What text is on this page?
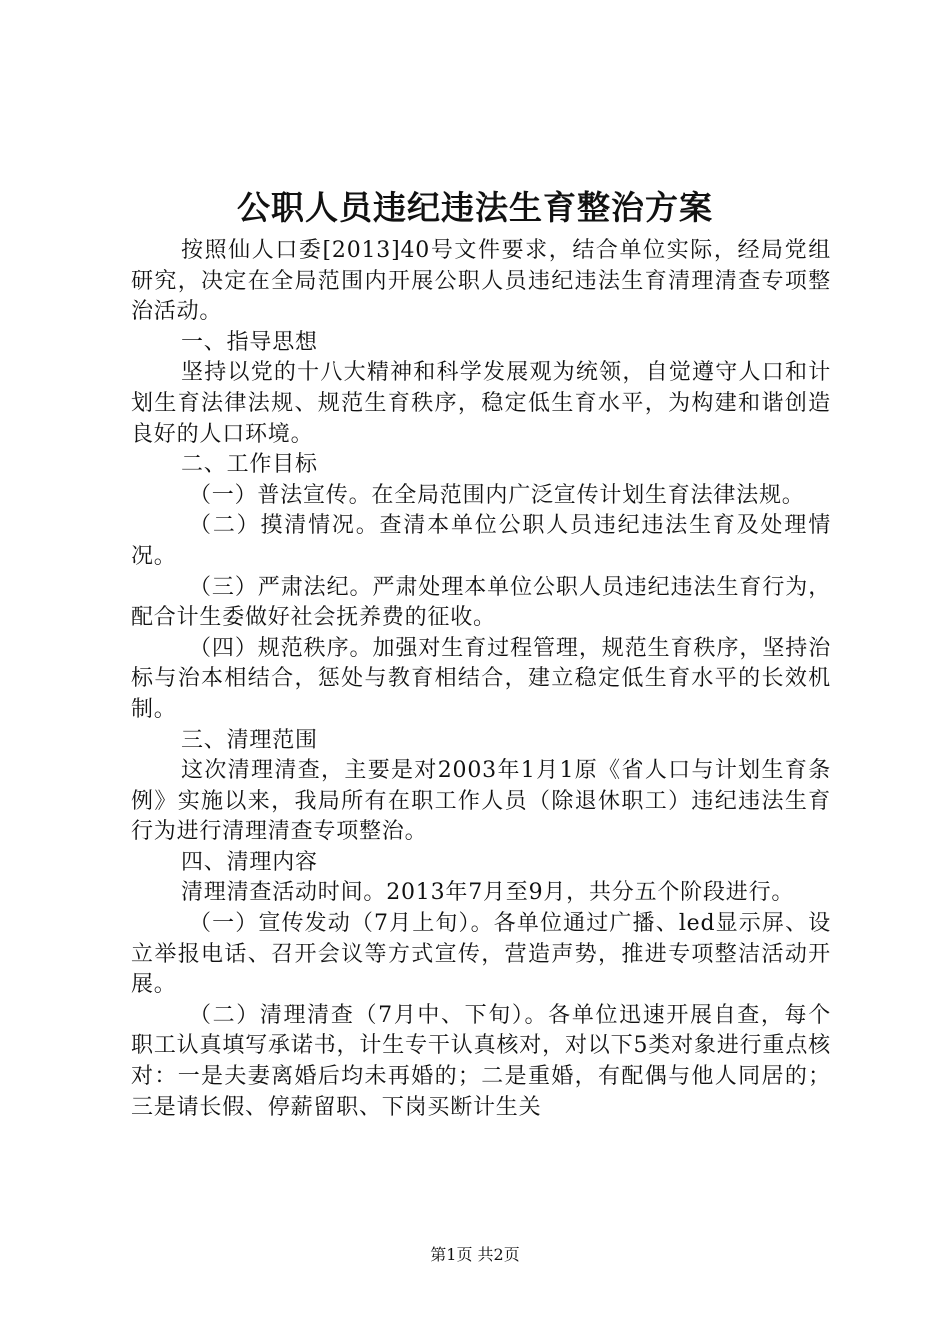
公职人员违纪违法生育整治方案

按照仙人口委[2013]40号文件要求，结合单位实际，经局党组研究，决定在全局范围内开展公职人员违纪违法生育清理清查专项整治活动。

一、指导思想

坚持以党的十八大精神和科学发展观为统领，自觉遵守人口和计划生育法律法规、规范生育秩序，稳定低生育水平，为构建和谐创造良好的人口环境。

二、工作目标

（一）普法宣传。在全局范围内广泛宣传计划生育法律法规。

（二）摸清情况。查清本单位公职人员违纪违法生育及处理情况。

（三）严肃法纪。严肃处理本单位公职人员违纪违法生育行为，配合计生委做好社会抚养费的征收。

（四）规范秩序。加强对生育过程管理，规范生育秩序，坚持治标与治本相结合，惩处与教育相结合，建立稳定低生育水平的长效机制。

三、清理范围

这次清理清查，主要是对2003年1月1原《省人口与计划生育条例》实施以来，我局所有在职工作人员（除退休职工）违纪违法生育行为进行清理清查专项整治。

四、清理内容

清理清查活动时间。2013年7月至9月，共分五个阶段进行。

（一）宣传发动（7月上旬）。各单位通过广播、led显示屏、设立举报电话、召开会议等方式宣传，营造声势，推进专项整洁活动开展。

（二）清理清查（7月中、下旬）。各单位迅速开展自查，每个职工认真填写承诺书，计生专干认真核对，对以下5类对象进行重点核对：一是夫妻离婚后均未再婚的；二是重婚，有配偶与他人同居的；三是请长假、停薪留职、下岗买断计生关

第1页 共2页
